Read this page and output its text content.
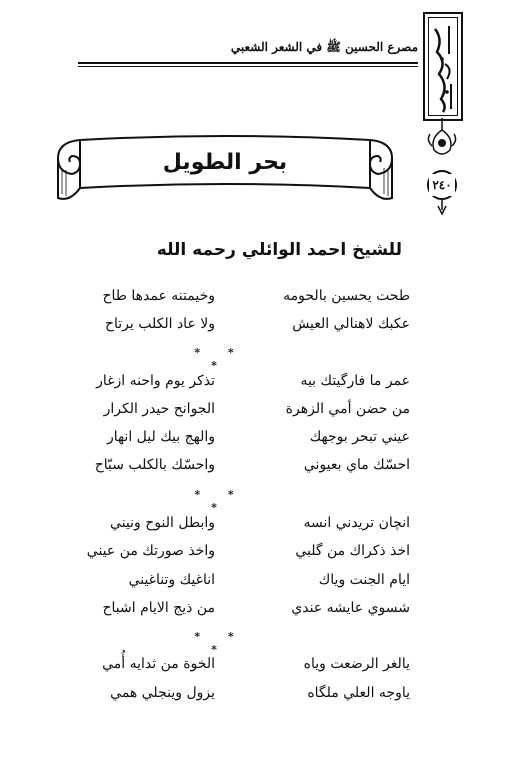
مصرع الحسين ﷺ في الشعر الشعبي
٢٤٠
بحر الطويل
للشيخ احمد الوائلي رحمه الله
طحت يحسين بالحومه
وخيمتنه عمدها طاح
عكبك لاهنالي العيش
ولا عاد الكلب يرتاح
* * *
عمر ما فارگيتك بيه
تذكر يوم واحنه ازغار
من حضن أمي الزهرة
الجوانح حيدر الكرار
عيني تبحر بوجهك
والهج بيك ليل انهار
احسّك ماي بعيوني
واحسّك بالكلب سبّاح
* * *
انچان تريدني انسه
وابطل النوح ونيني
اخذ ذكراك من گلبي
واخذ صورتك من عيني
ايام الجنت وياك
اناغيك وتناغيني
شسوي عايشه عندي
من ذيج الايام اشباح
* * *
يالغر الرضعت وياه
الخوة من ثدايه أُمي
ياوجه العلي ملگاه
يزول وينجلي همي
